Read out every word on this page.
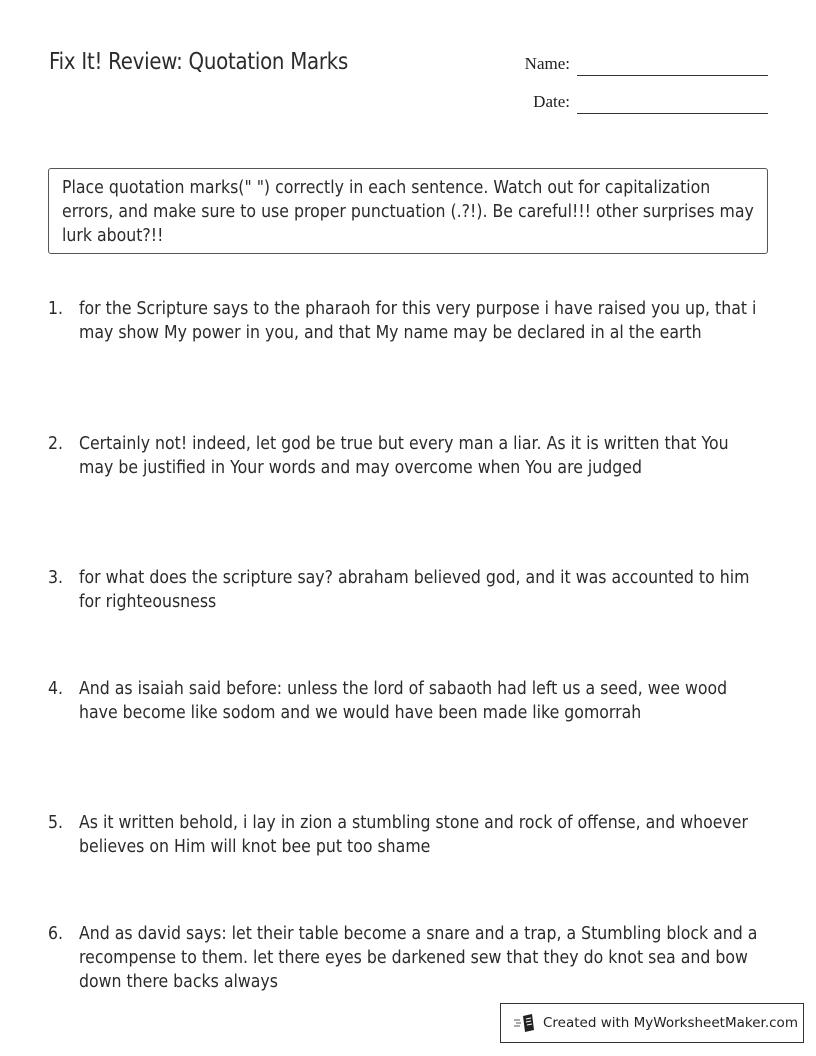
Fix It! Review: Quotation Marks	Name:
Date:

Place quotation marks(" ") correctly in each sentence. Watch out for capitalization errors, and make sure to use proper punctuation (.?!). Be careful!!! other surprises may lurk about?!!

1. for the Scripture says to the pharaoh for this very purpose i have raised you up, that i may show My power in you, and that My name may be declared in al the earth

2. Certainly not! indeed, let god be true but every man a liar. As it is written that You may be justified in Your words and may overcome when You are judged

3. for what does the scripture say? abraham believed god, and it was accounted to him for righteousness

4. And as isaiah said before: unless the lord of sabaoth had left us a seed, wee wood have become like sodom and we would have been made like gomorrah

5. As it written behold, i lay in zion a stumbling stone and rock of offense, and whoever believes on Him will knot bee put too shame

6. And as david says: let their table become a snare and a trap, a Stumbling block and a recompense to them. let there eyes be darkened sew that they do knot sea and bow down there backs always

Created with MyWorksheetMaker.com
